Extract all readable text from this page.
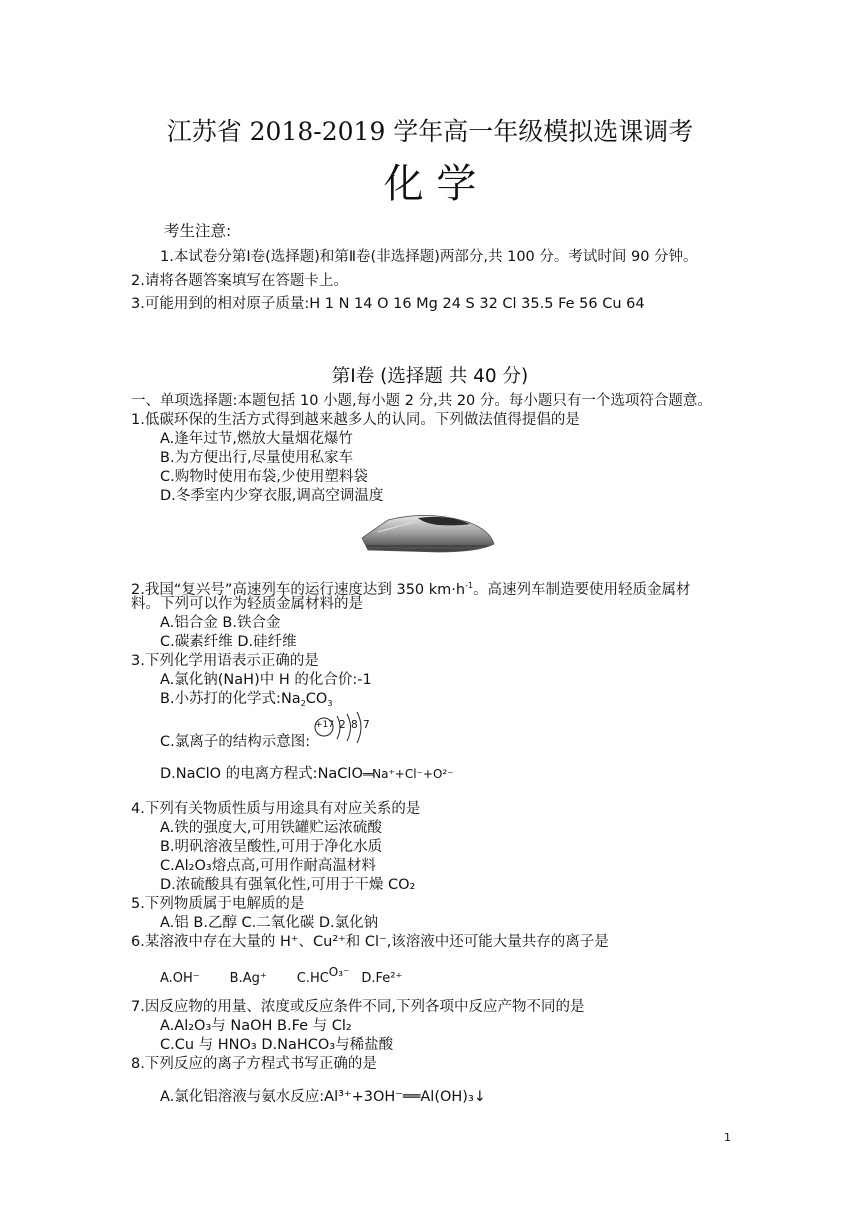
江苏省 2018-2019 学年高一年级模拟选课调考
化 学
考生注意:
1.本试卷分第Ⅰ卷(选择题)和第Ⅱ卷(非选择题)两部分,共 100 分。考试时间 90 分钟。
2.请将各题答案填写在答题卡上。
3.可能用到的相对原子质量:H 1 N 14 O 16 Mg 24 S 32 Cl 35.5 Fe 56 Cu 64
第Ⅰ卷 (选择题 共 40 分)
一、单项选择题:本题包括 10 小题,每小题 2 分,共 20 分。每小题只有一个选项符合题意。
1.低碳环保的生活方式得到越来越多人的认同。下列做法值得提倡的是
A.逢年过节,燃放大量烟花爆竹
B.为方便出行,尽量使用私家车
C.购物时使用布袋,少使用塑料袋
D.冬季室内少穿衣服,调高空调温度
2.我国“复兴号”高速列车的运行速度达到 350 $km\cdot h^{-1}$。高速列车制造要使用轻质金属材
料。下列可以作为轻质金属材料的是
A.铝合金 B.铁合金
C.碳素纤维 D.硅纤维
3.下列化学用语表示正确的是
A.氯化钠(NaH)中 H 的化合价:-1
B.小苏打的化学式$:Na_2CO_3$
C.氯离子的结构示意图:
+17 2 8 7
D.NaClO 的电离方程式:NaClO══Na⁺+Cl⁻+O²⁻
4.下列有关物质性质与用途具有对应关系的是
A.铁的强度大,可用铁罐贮运浓硫酸
B.明矾溶液呈酸性,可用于净化水质
C.Al₂O₃熔点高,可用作耐高温材料
D.浓硫酸具有强氧化性,可用于干燥 CO₂
5.下列物质属于电解质的是
A.铝 B.乙醇 C.二氧化碳 D.氯化钠
6.某溶液中存在大量的 H⁺、Cu²⁺和 Cl⁻,该溶液中还可能大量共存的离子是
A.OH⁻ B.Ag⁺ C.HCO₃⁻ D.Fe²⁺
7.因反应物的用量、浓度或反应条件不同,下列各项中反应产物不同的是
A.Al₂O₃与 NaOH B.Fe 与 Cl₂
C.Cu 与 HNO₃ D.NaHCO₃与稀盐酸
8.下列反应的离子方程式书写正确的是
A.氯化铝溶液与氨水反应:Al³⁺+3OH⁻══Al(OH)₃↓
1
